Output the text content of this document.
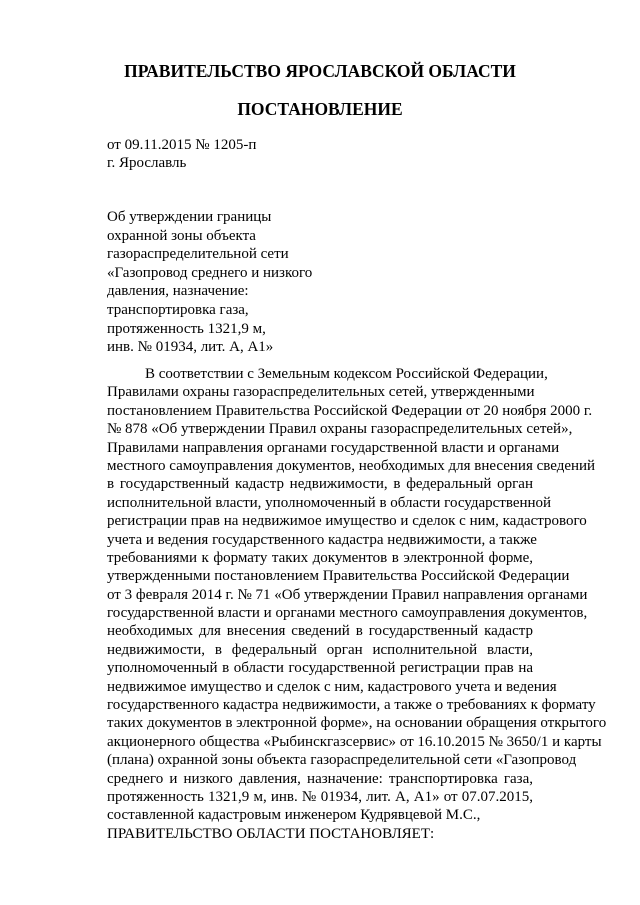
ПРАВИТЕЛЬСТВО ЯРОСЛАВСКОЙ ОБЛАСТИ
ПОСТАНОВЛЕНИЕ
от 09.11.2015 № 1205-п
г. Ярославль
Об утверждении границы
охранной зоны объекта
газораспределительной сети
«Газопровод среднего и низкого
давления, назначение:
транспортировка газа,
протяженность 1321,9 м,
инв. № 01934, лит. А, А1»
В соответствии с Земельным кодексом Российской Федерации,
Правилами охраны газораспределительных сетей, утвержденными
постановлением Правительства Российской Федерации от 20 ноября 2000 г.
№ 878 «Об утверждении Правил охраны газораспределительных сетей»,
Правилами направления органами государственной власти и органами
местного самоуправления документов, необходимых для внесения сведений
в государственный кадастр недвижимости, в федеральный орган
исполнительной власти, уполномоченный в области государственной
регистрации прав на недвижимое имущество и сделок с ним, кадастрового
учета и ведения государственного кадастра недвижимости, а также
требованиями к формату таких документов в электронной форме,
утвержденными постановлением Правительства Российской Федерации
от 3 февраля 2014 г. № 71 «Об утверждении Правил направления органами
государственной власти и органами местного самоуправления документов,
необходимых для внесения сведений в государственный кадастр
недвижимости, в федеральный орган исполнительной власти,
уполномоченный в области государственной регистрации прав на
недвижимое имущество и сделок с ним, кадастрового учета и ведения
государственного кадастра недвижимости, а также о требованиях к формату
таких документов в электронной форме», на основании обращения открытого
акционерного общества «Рыбинскгазсервис» от 16.10.2015 № 3650/1 и карты
(плана) охранной зоны объекта газораспределительной сети «Газопровод
среднего и низкого давления, назначение: транспортировка газа,
протяженность 1321,9 м, инв. № 01934, лит. А, А1» от 07.07.2015,
составленной кадастровым инженером Кудрявцевой М.С.,
ПРАВИТЕЛЬСТВО ОБЛАСТИ ПОСТАНОВЛЯЕТ:
